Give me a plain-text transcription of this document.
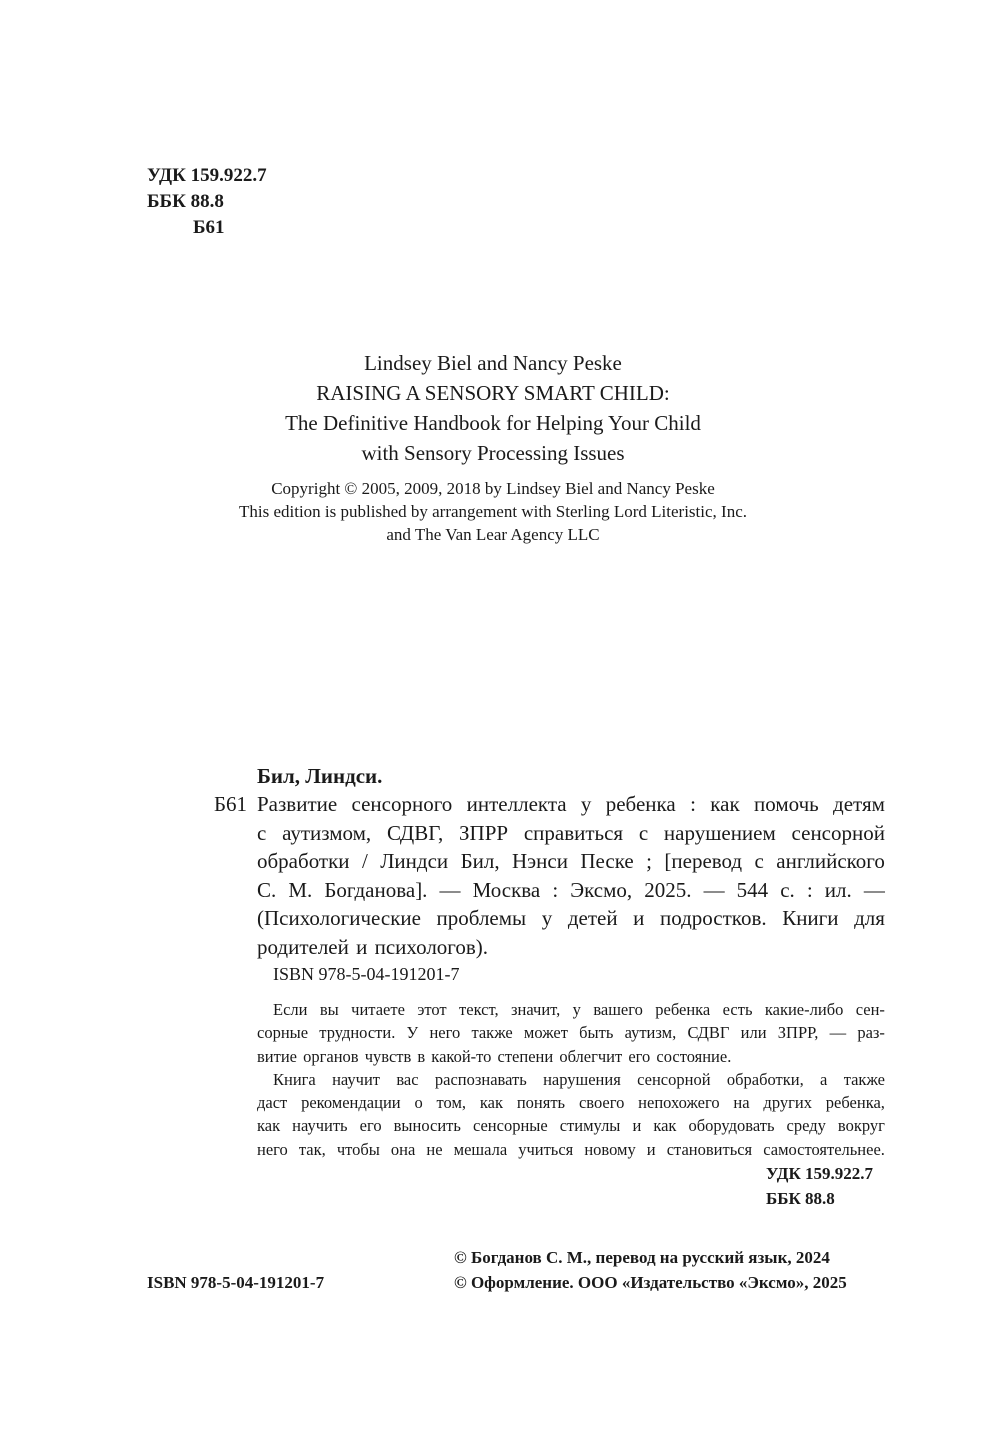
УДК 159.922.7
ББК 88.8
Б61
Lindsey Biel and Nancy Peske
RAISING A SENSORY SMART CHILD:
The Definitive Handbook for Helping Your Child
with Sensory Processing Issues
Copyright © 2005, 2009, 2018 by Lindsey Biel and Nancy Peske
This edition is published by arrangement with Sterling Lord Literistic, Inc.
and The Van Lear Agency LLC
Бил, Линдси.
Б61 Развитие сенсорного интеллекта у ребенка : как помочь детям
с аутизмом, СДВГ, ЗПРР справиться с нарушением сенсорной
обработки / Линдси Бил, Нэнси Песке ; [перевод с английского
С. М. Богданова]. — Москва : Эксмо, 2025. — 544 с. : ил. —
(Психологические проблемы у детей и подростков. Книги для
родителей и психологов).
ISBN 978-5-04-191201-7
Если вы читаете этот текст, значит, у вашего ребенка есть какие-либо сен-
сорные трудности. У него также может быть аутизм, СДВГ или ЗПРР, — раз-
витие органов чувств в какой-то степени облегчит его состояние.
Книга научит вас распознавать нарушения сенсорной обработки, а также
даст рекомендации о том, как понять своего непохожего на других ребенка,
как научить его выносить сенсорные стимулы и как оборудовать среду вокруг
него так, чтобы она не мешала учиться новому и становиться самостоятельнее.
УДК 159.922.7
ББК 88.8
ISBN 978-5-04-191201-7
© Богданов С. М., перевод на русский язык, 2024
© Оформление. ООО «Издательство «Эксмо», 2025
